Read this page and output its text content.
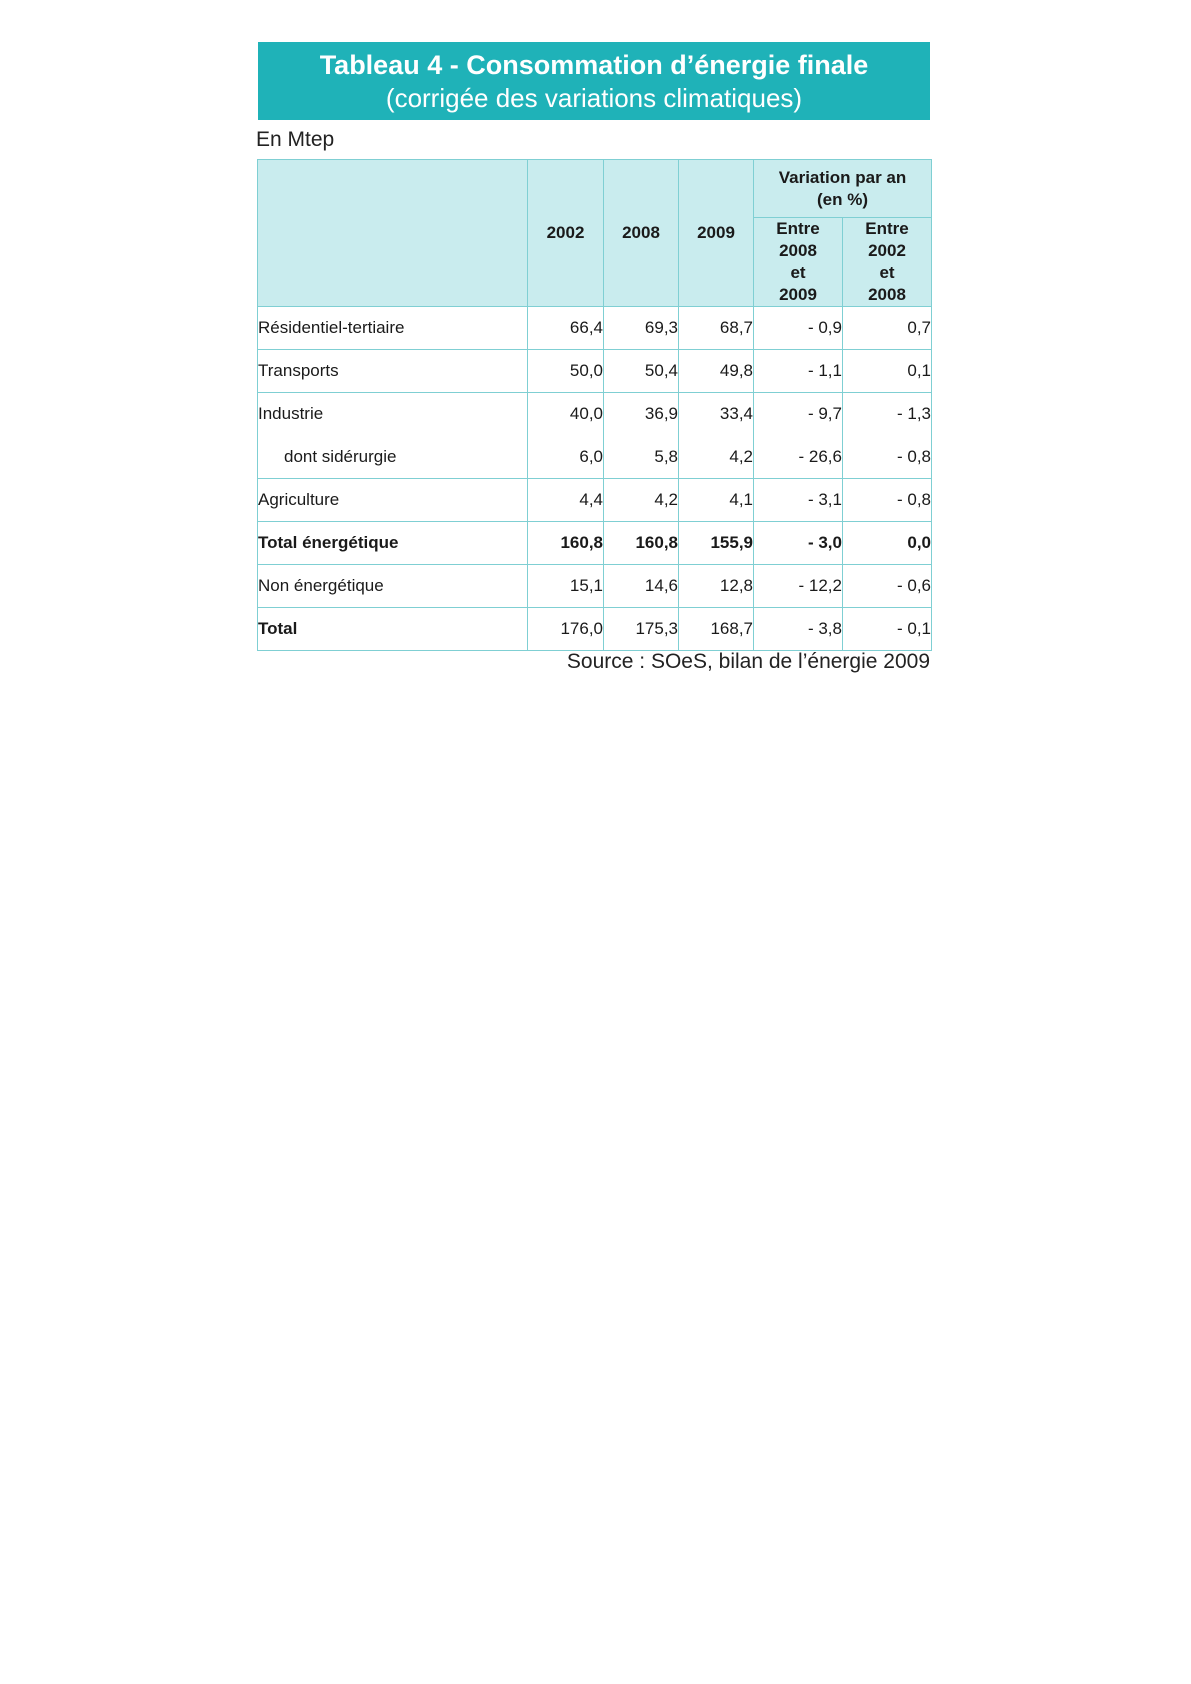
Tableau 4 - Consommation d’énergie finale
(corrigée des variations climatiques)
En Mtep
	2002	2008	2009	Variation par an (en %)	
				Entre 2008 et 2009	Entre 2002 et 2008
Résidentiel-tertiaire	66,4	69,3	68,7	- 0,9	0,7
Transports	50,0	50,4	49,8	- 1,1	0,1
Industrie	40,0	36,9	33,4	- 9,7	- 1,3
dont sidérurgie	6,0	5,8	4,2	- 26,6	- 0,8
Agriculture	4,4	4,2	4,1	- 3,1	- 0,8
Total énergétique	160,8	160,8	155,9	- 3,0	0,0
Non énergétique	15,1	14,6	12,8	- 12,2	- 0,6
Total	176,0	175,3	168,7	- 3,8	- 0,1
Source : SOeS, bilan de l’énergie 2009
